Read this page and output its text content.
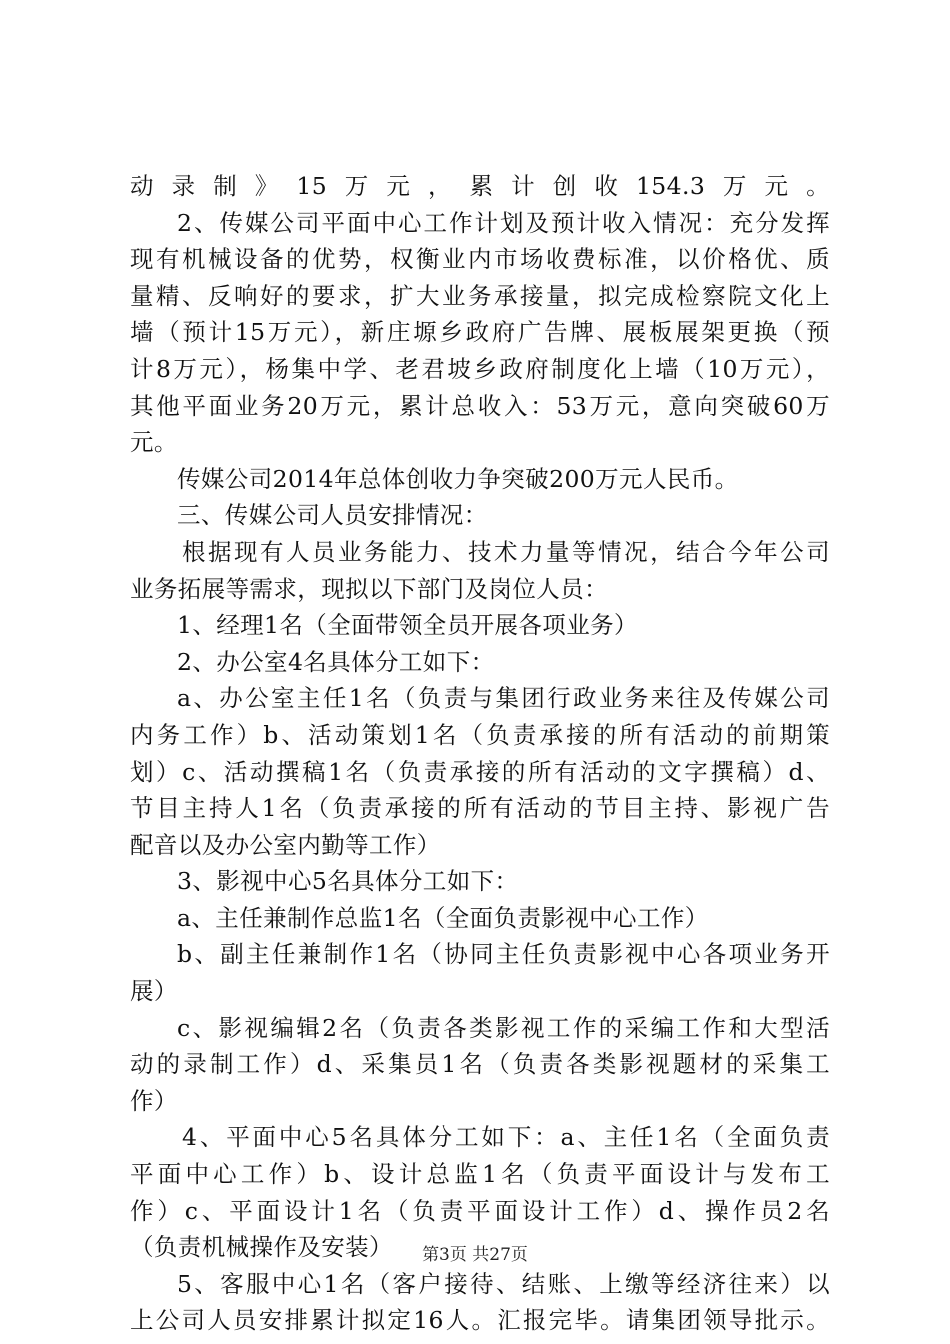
动录制》15万元，累计创收154.3万元。
2、传媒公司平面中心工作计划及预计收入情况：充分发挥
现有机械设备的优势，权衡业内市场收费标准，以价格优、质
量精、反响好的要求，扩大业务承接量，拟完成检察院文化上
墙（预计15万元），新庄塬乡政府广告牌、展板展架更换（预
计8万元），杨集中学、老君坡乡政府制度化上墙（10万元），
其他平面业务20万元，累计总收入：53万元，意向突破60万
元。
传媒公司2014年总体创收力争突破200万元人民币。
三、传媒公司人员安排情况：
根据现有人员业务能力、技术力量等情况，结合今年公司
业务拓展等需求，现拟以下部门及岗位人员：
1、经理1名（全面带领全员开展各项业务）
2、办公室4名具体分工如下：
a、办公室主任1名（负责与集团行政业务来往及传媒公司
内务工作）b、活动策划1名（负责承接的所有活动的前期策
划）c、活动撰稿1名（负责承接的所有活动的文字撰稿）d、
节目主持人1名（负责承接的所有活动的节目主持、影视广告
配音以及办公室内勤等工作）
3、影视中心5名具体分工如下：
a、主任兼制作总监1名（全面负责影视中心工作）
b、副主任兼制作1名（协同主任负责影视中心各项业务开
展）
c、影视编辑2名（负责各类影视工作的采编工作和大型活
动的录制工作）d、采集员1名（负责各类影视题材的采集工
作）
4、平面中心5名具体分工如下：a、主任1名（全面负责
平面中心工作）b、设计总监1名（负责平面设计与发布工
作）c、平面设计1名（负责平面设计工作）d、操作员2名
（负责机械操作及安装）
5、客服中心1名（客户接待、结账、上缴等经济往来）以
上公司人员安排累计拟定16人。汇报完毕。请集团领导批示。
第3页 共27页
